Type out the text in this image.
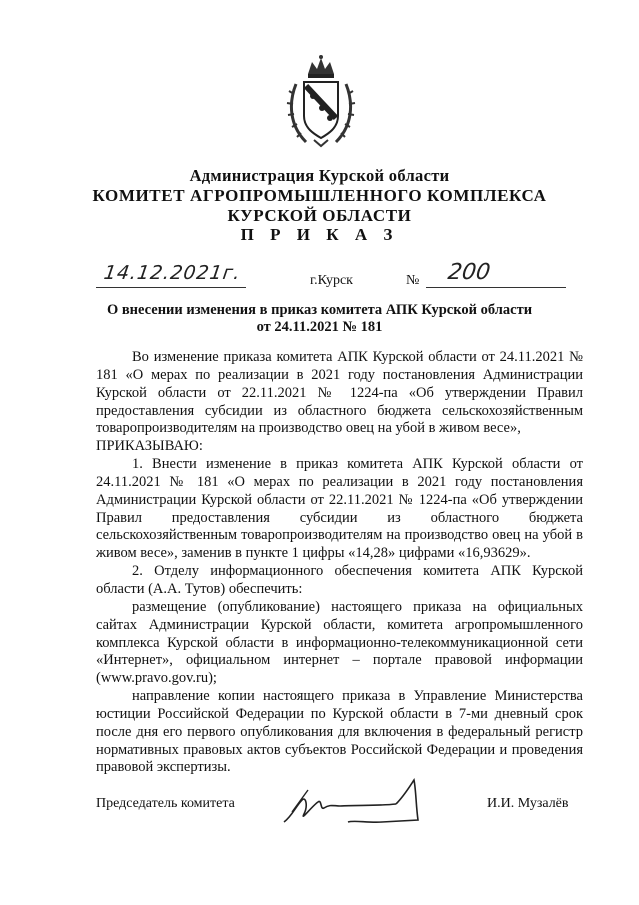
Администрация Курской области
КОМИТЕТ АГРОПРОМЫШЛЕННОГО КОМПЛЕКСА
КУРСКОЙ ОБЛАСТИ
П Р И К А З
14.12.2021г.	г.Курск	№ 200
О внесении изменения в приказ комитета АПК Курской области
от 24.11.2021 № 181

Во изменение приказа комитета АПК Курской области от 24.11.2021 № 181 «О мерах по реализации в 2021 году постановления Администрации Курской области от 22.11.2021 № 1224-па «Об утверждении Правил предоставления субсидии из областного бюджета сельскохозяйственным товаропроизводителям на производство овец на убой в живом весе»,

ПРИКАЗЫВАЮ:

1. Внести изменение в приказ комитета АПК Курской области от 24.11.2021 № 181 «О мерах по реализации в 2021 году постановления Администрации Курской области от 22.11.2021 № 1224-па «Об утверждении Правил предоставления субсидии из областного бюджета сельскохозяйственным товаропроизводителям на производство овец на убой в живом весе», заменив в пункте 1 цифры «14,28» цифрами «16,93629».

2. Отделу информационного обеспечения комитета АПК Курской области (А.А. Тутов) обеспечить:

размещение (опубликование) настоящего приказа на официальных сайтах Администрации Курской области, комитета агропромышленного комплекса Курской области в информационно-телекоммуникационной сети «Интернет», официальном интернет – портале правовой информации (www.pravo.gov.ru);

направление копии настоящего приказа в Управление Министерства юстиции Российской Федерации по Курской области в 7-ми дневный срок после дня его первого опубликования для включения в федеральный регистр нормативных правовых актов субъектов Российской Федерации и проведения правовой экспертизы.

Председатель комитета	И.И. Музалёв
